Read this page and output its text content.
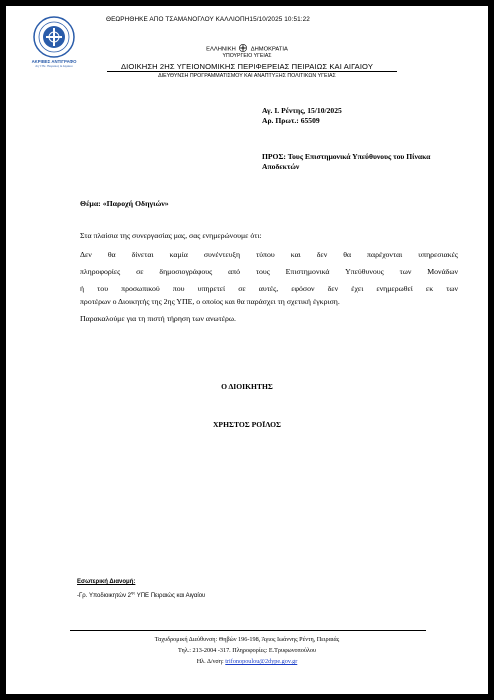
ΘΕΩΡΗΘΗΚΕ ΑΠΟ ΤΣΑΜΑΝΟΓΛΟΥ ΚΑΛΛΙΟΠΗ15/10/2025 10:51:22
ΑΚΡΙΒΕΣ ΑΝΤΙΓΡΑΦΟ
2η Υ.Πε. Πειραιώς & Αιγαίου
ΕΛΛΗΝΙΚΗ	ΔΗΜΟΚΡΑΤΙΑ
ΥΠΟΥΡΓΕΙΟ ΥΓΕΙΑΣ
ΔΙΟΙΚΗΣΗ 2ΗΣ ΥΓΕΙΟΝΟΜΙΚΗΣ ΠΕΡΙΦΕΡΕΙΑΣ ΠΕΙΡΑΙΩΣ ΚΑΙ ΑΙΓΑΙΟΥ
ΔΙΕΥΘΥΝΣΗ ΠΡΟΓΡΑΜΜΑΤΙΣΜΟΥ ΚΑΙ ΑΝΑΠΤΥΞΗΣ ΠΟΛΙΤΙΚΩΝ ΥΓΕΙΑΣ
Αγ. Ι. Ρέντης, 15/10/2025
Αρ. Πρωτ.: 65509
ΠΡΟΣ: Τους Επιστημονικά Υπεύθυνους του Πίνακα Αποδεκτών
Θέμα: «Παροχή Οδηγιών»
Στα πλαίσια της συνεργασίας μας, σας ενημερώνουμε ότι:
Δεν θα δίνεται καμία συνέντευξη τύπου και δεν θα παρέχονται υπηρεσιακές
πληροφορίες σε δημοσιογράφους από τους Επιστημονικά Υπεύθυνους των Μονάδων
ή του προσωπικού που υπηρετεί σε αυτές, εφόσον δεν έχει ενημερωθεί εκ των
προτέρων ο Διοικητής της 2ης ΥΠΕ, ο οποίος και θα παράσχει τη σχετική έγκριση.
Παρακαλούμε για τη πιστή τήρηση των ανωτέρω.
Ο ΔΙΟΙΚΗΤΗΣ
ΧΡΗΣΤΟΣ ΡΟΪΛΟΣ
Εσωτερική Διανομή:
-Γρ. Υποδιοικητών $2^{\eta\varsigma}$ ΥΠΕ Πειραιώς και Αιγαίου
Ταχυδρομική Διεύθυνση: Θηβών 196-198, Άγιος Ιωάννης Ρέντη, Πειραιάς
Τηλ.: 213-2004 -317. Πληροφορίες: Ε.Τρυφωνοπούλου
Ηλ. Δ/νση: trifonopoulou@2dype.gov.gr
